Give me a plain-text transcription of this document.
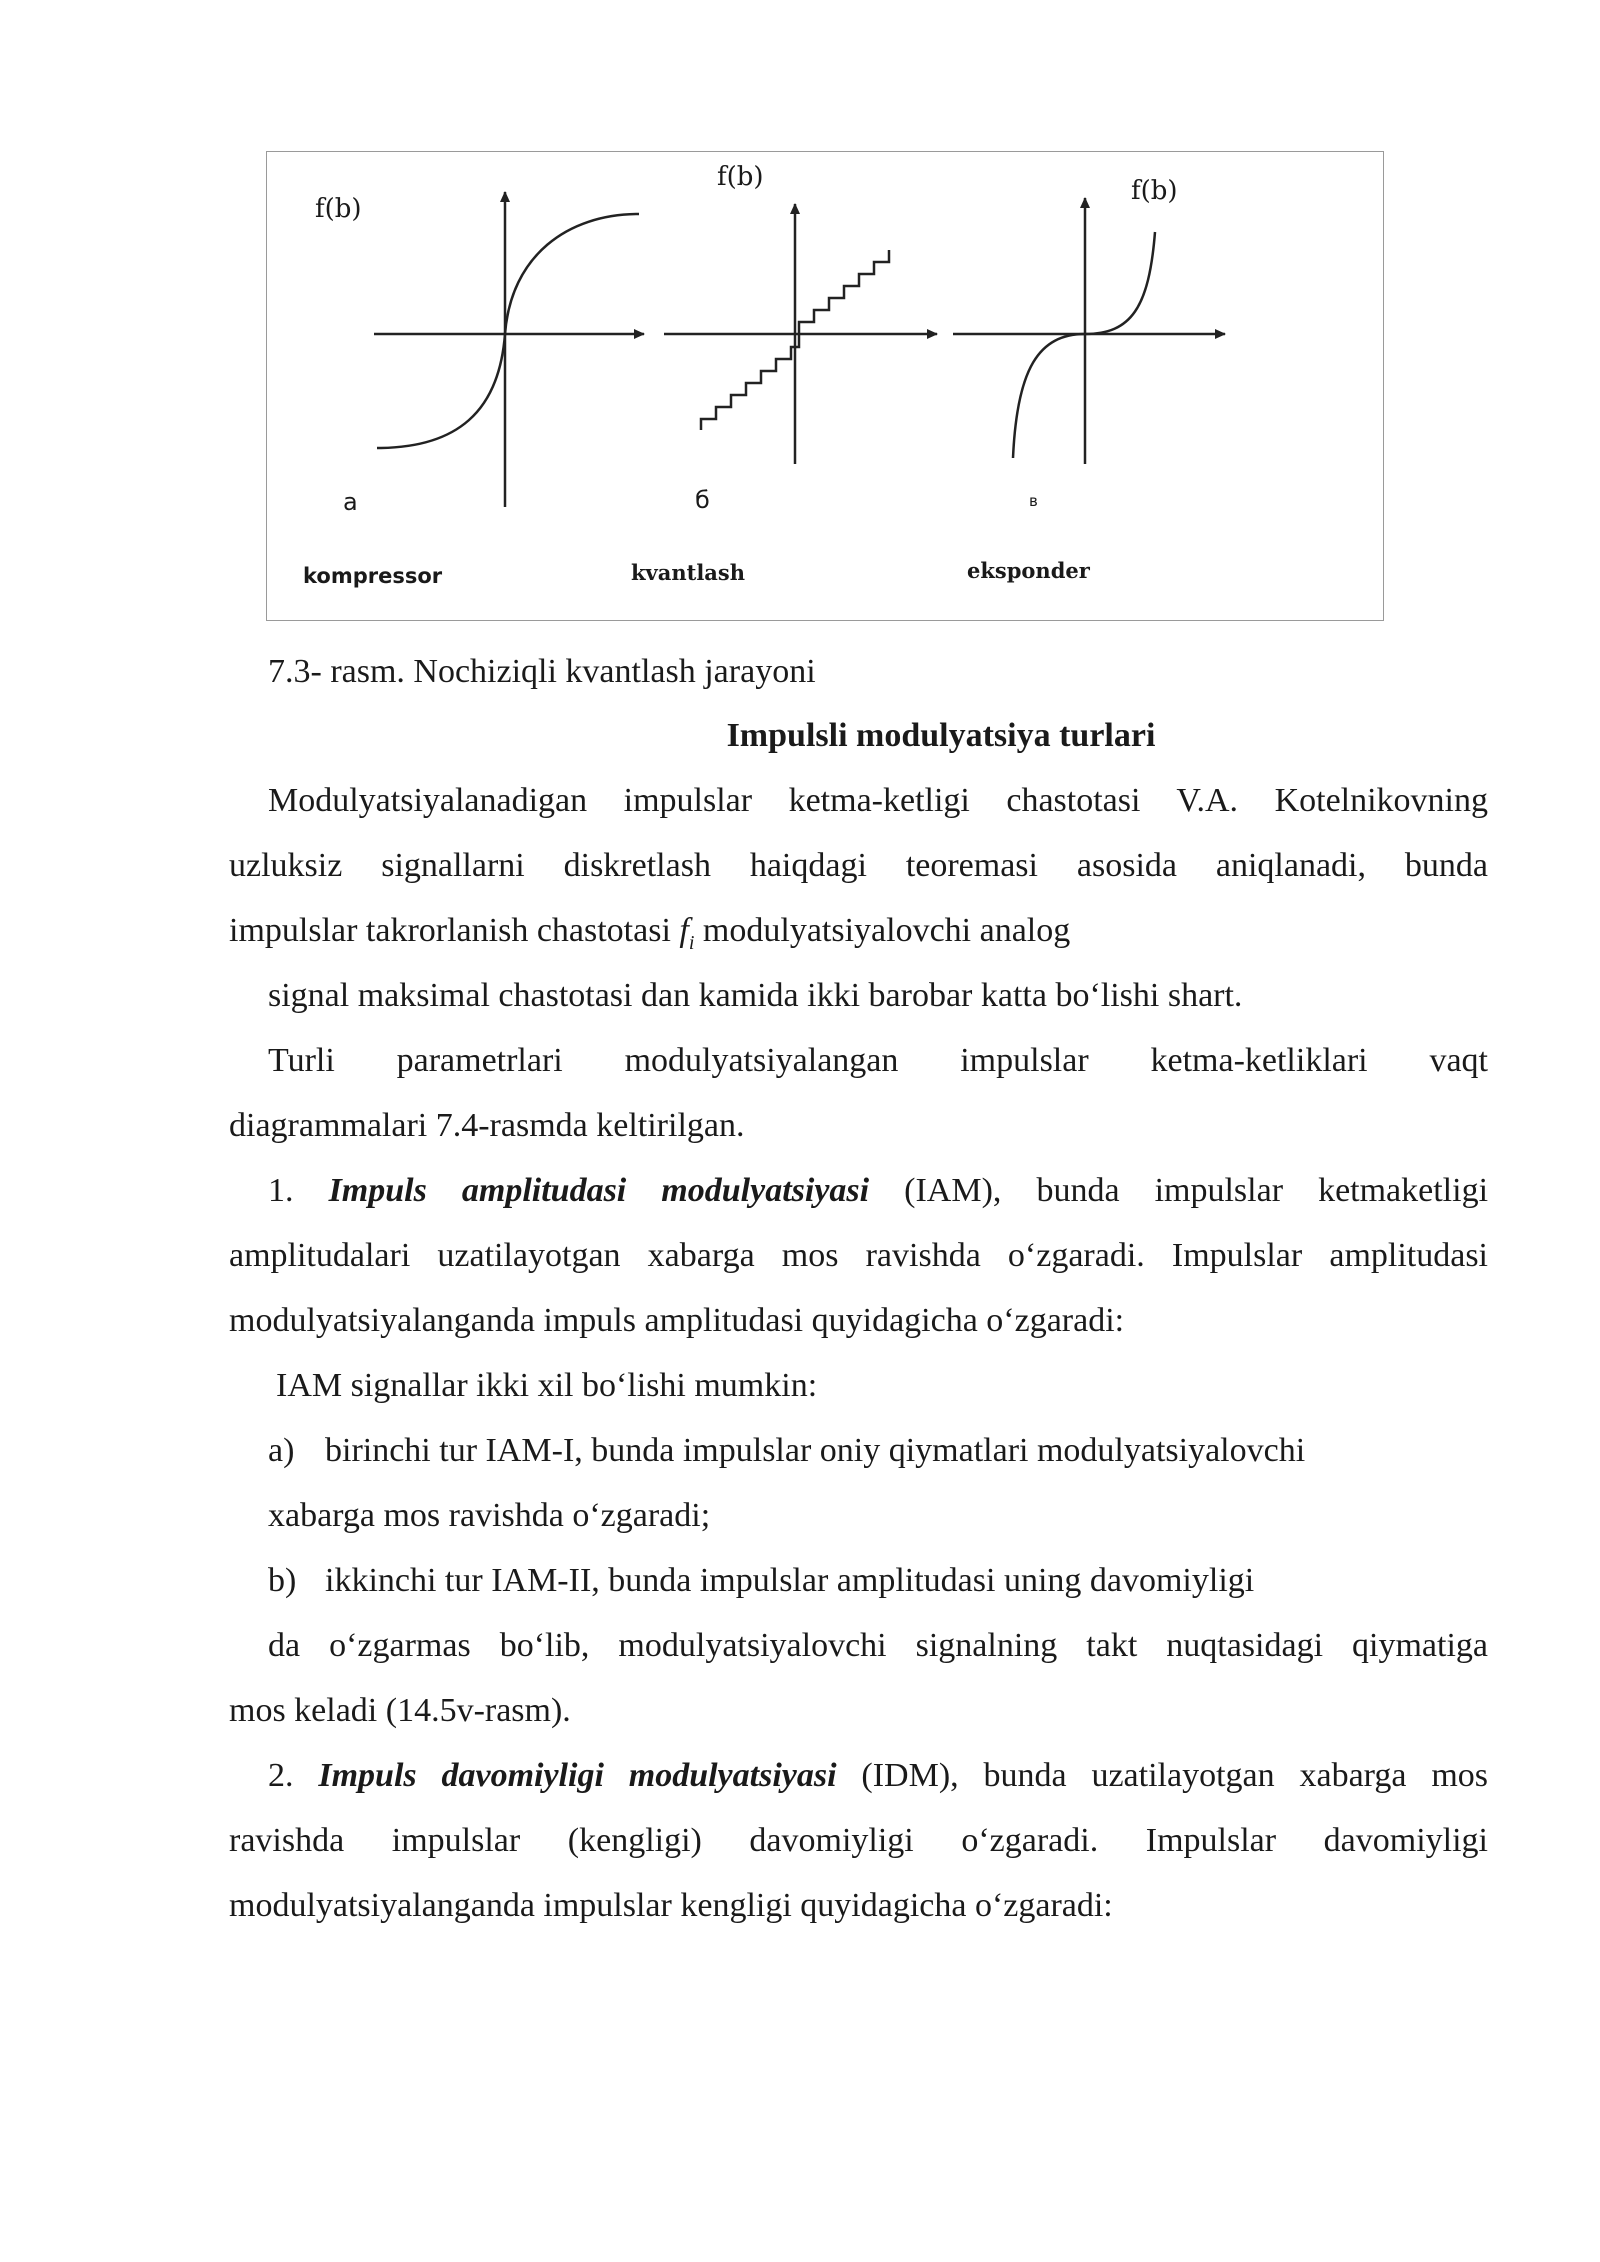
f(b)
f(b)	f(b)
a	б	в
kompressor	kvantlash	eksponder
7.3- rasm. Nochiziqli kvantlash jarayoni
Impulsli modulyatsiya turlari
Modulyatsiyalanadigan impulslar ketma-ketligi chastotasi V.A. Kotelnikovning
uzluksiz signallarni diskretlash haiqdagi teoremasi asosida aniqlanadi, bunda
impulslar takrorlanish chastotasi $f_i$ modulyatsiyalovchi analog
signal maksimal chastotasi dan kamida ikki barobar katta bo‘lishi shart.
Turli parametrlari modulyatsiyalangan impulslar ketma-ketliklari vaqt
diagrammalari 7.4-rasmda keltirilgan.
1. Impuls amplitudasi modulyatsiyasi (IAM), bunda impulslar ketmaketligi
amplitudalari uzatilayotgan xabarga mos ravishda o‘zgaradi. Impulslar amplitudasi
modulyatsiyalanganda impuls amplitudasi quyidagicha o‘zgaradi:
IAM signallar ikki xil bo‘lishi mumkin:
a) birinchi tur IAM-I, bunda impulslar oniy qiymatlari modulyatsiyalovchi
xabarga mos ravishda o‘zgaradi;
b) ikkinchi tur IAM-II, bunda impulslar amplitudasi uning davomiyligi
da o‘zgarmas bo‘lib, modulyatsiyalovchi signalning takt nuqtasidagi qiymatiga
mos keladi (14.5v-rasm).
2. Impuls davomiyligi modulyatsiyasi (IDM), bunda uzatilayotgan xabarga mos
ravishda impulslar (kengligi) davomiyligi o‘zgaradi. Impulslar davomiyligi
modulyatsiyalanganda impulslar kengligi quyidagicha o‘zgaradi:
